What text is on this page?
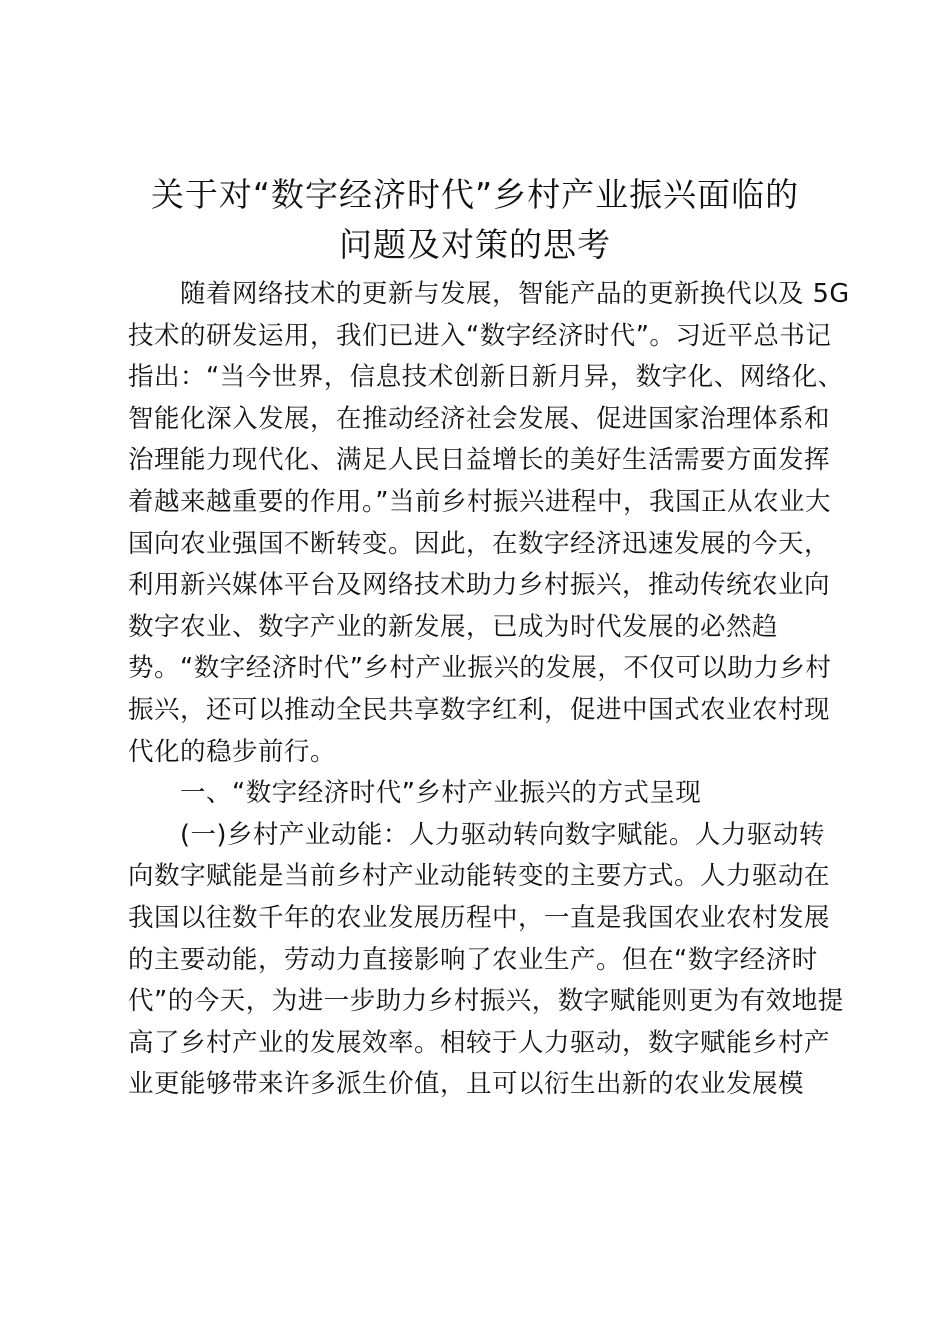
关于对“数字经济时代”乡村产业振兴面临的
问题及对策的思考
随着网络技术的更新与发展，智能产品的更新换代以及 5G
技术的研发运用，我们已进入“数字经济时代”。习近平总书记
指出：“当今世界，信息技术创新日新月异，数字化、网络化、
智能化深入发展，在推动经济社会发展、促进国家治理体系和
治理能力现代化、满足人民日益增长的美好生活需要方面发挥
着越来越重要的作用。”当前乡村振兴进程中，我国正从农业大
国向农业强国不断转变。因此，在数字经济迅速发展的今天，
利用新兴媒体平台及网络技术助力乡村振兴，推动传统农业向
数字农业、数字产业的新发展，已成为时代发展的必然趋
势。“数字经济时代”乡村产业振兴的发展，不仅可以助力乡村
振兴，还可以推动全民共享数字红利，促进中国式农业农村现
代化的稳步前行。
一、“数字经济时代”乡村产业振兴的方式呈现
(一)乡村产业动能：人力驱动转向数字赋能。人力驱动转
向数字赋能是当前乡村产业动能转变的主要方式。人力驱动在
我国以往数千年的农业发展历程中，一直是我国农业农村发展
的主要动能，劳动力直接影响了农业生产。但在“数字经济时
代”的今天，为进一步助力乡村振兴，数字赋能则更为有效地提
高了乡村产业的发展效率。相较于人力驱动，数字赋能乡村产
业更能够带来许多派生价值，且可以衍生出新的农业发展模
